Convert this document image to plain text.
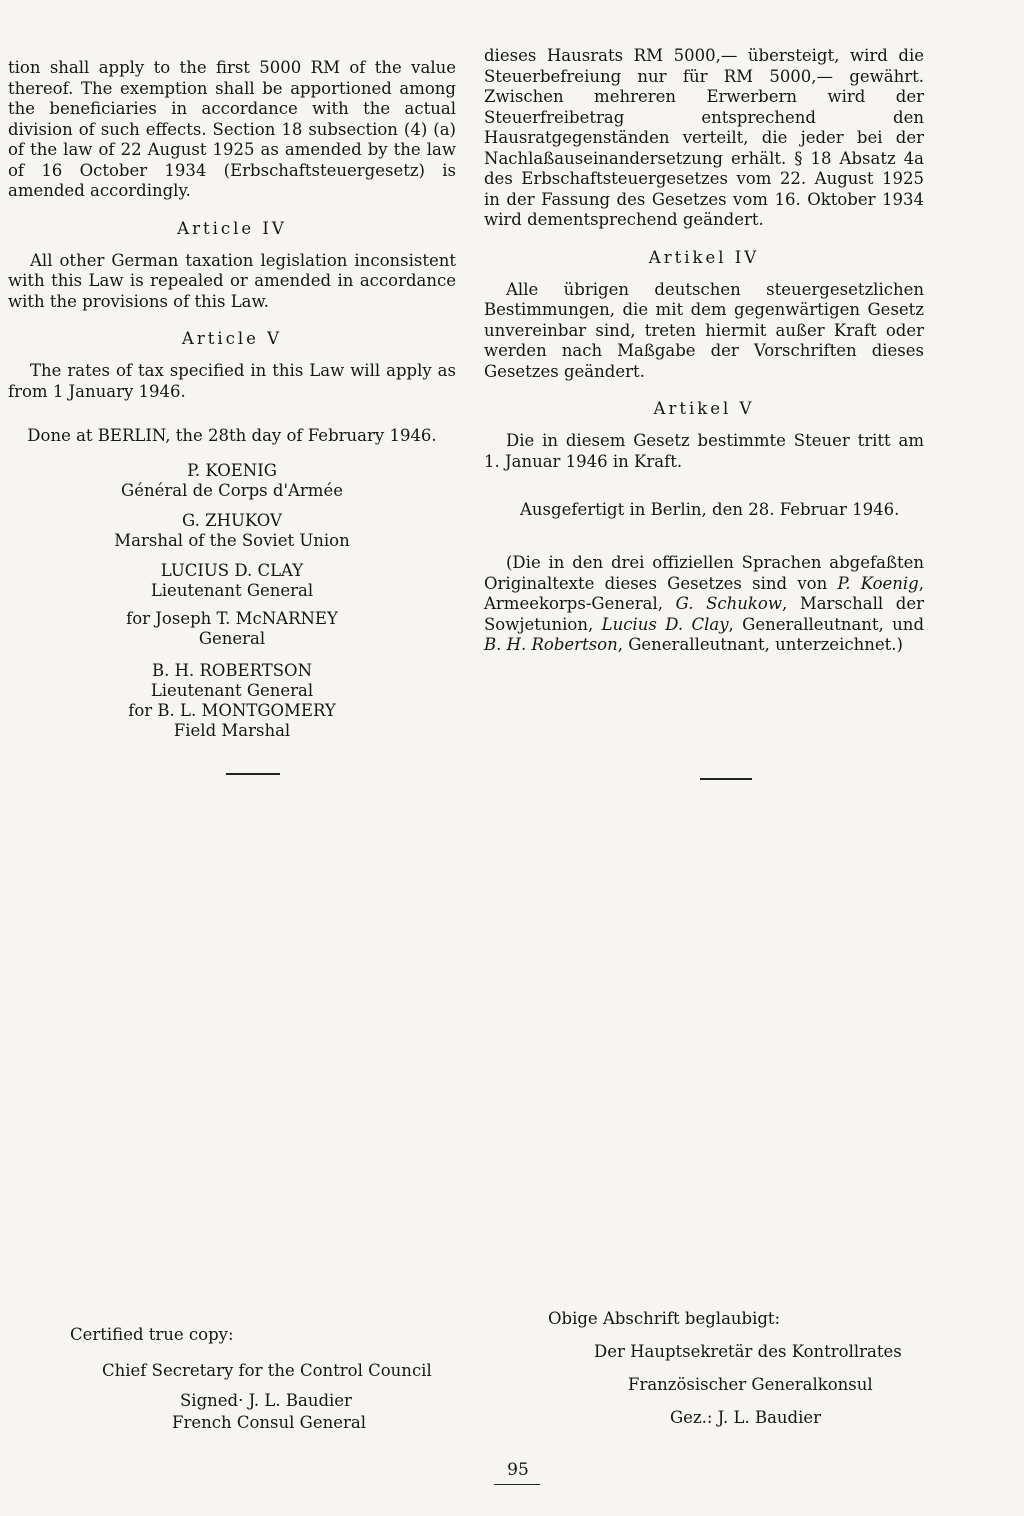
tion shall apply to the first 5000 RM of the value thereof. The exemption shall be apportioned among the beneficiaries in accordance with the actual division of such effects. Section 18 subsection (4) (a) of the law of 22 August 1925 as amended by the law of 16 October 1934 (Erbschaftsteuergesetz) is amended accordingly.

Article IV

All other German taxation legislation inconsistent with this Law is repealed or amended in accordance with the provisions of this Law.

Article V

The rates of tax specified in this Law will apply as from 1 January 1946.

Done at BERLIN, the 28th day of February 1946.
P. KOENIG
Général de Corps d'Armée
G. ZHUKOV
Marshal of the Soviet Union
LUCIUS D. CLAY
Lieutenant General
for Joseph T. McNARNEY
General
B. H. ROBERTSON
Lieutenant General
for B. L. MONTGOMERY
Field Marshal

dieses Hausrats RM 5000,— übersteigt, wird die Steuerbefreiung nur für RM 5000,— gewährt. Zwischen mehreren Erwerbern wird der Steuerfreibetrag entsprechend den Hausratgegenständen verteilt, die jeder bei der Nachlaßauseinandersetzung erhält. § 18 Absatz 4a des Erbschaftsteuergesetzes vom 22. August 1925 in der Fassung des Gesetzes vom 16. Oktober 1934 wird dementsprechend geändert.

Artikel IV

Alle übrigen deutschen steuergesetzlichen Bestimmungen, die mit dem gegenwärtigen Gesetz unvereinbar sind, treten hiermit außer Kraft oder werden nach Maßgabe der Vorschriften dieses Gesetzes geändert.

Artikel V

Die in diesem Gesetz bestimmte Steuer tritt am 1. Januar 1946 in Kraft.

Ausgefertigt in Berlin, den 28. Februar 1946.

(Die in den drei offiziellen Sprachen abgefaßten Originaltexte dieses Gesetzes sind von P. Koenig, Armeekorps-General, G. Schukow, Marschall der Sowjetunion, Lucius D. Clay, Generalleutnant, und B. H. Robertson, Generalleutnant, unterzeichnet.)

Certified true copy:
Chief Secretary for the Control Council
Signed· J. L. Baudier
French Consul General
Obige Abschrift beglaubigt:
Der Hauptsekretär des Kontrollrates
Französischer Generalkonsul
Gez.: J. L. Baudier
95
